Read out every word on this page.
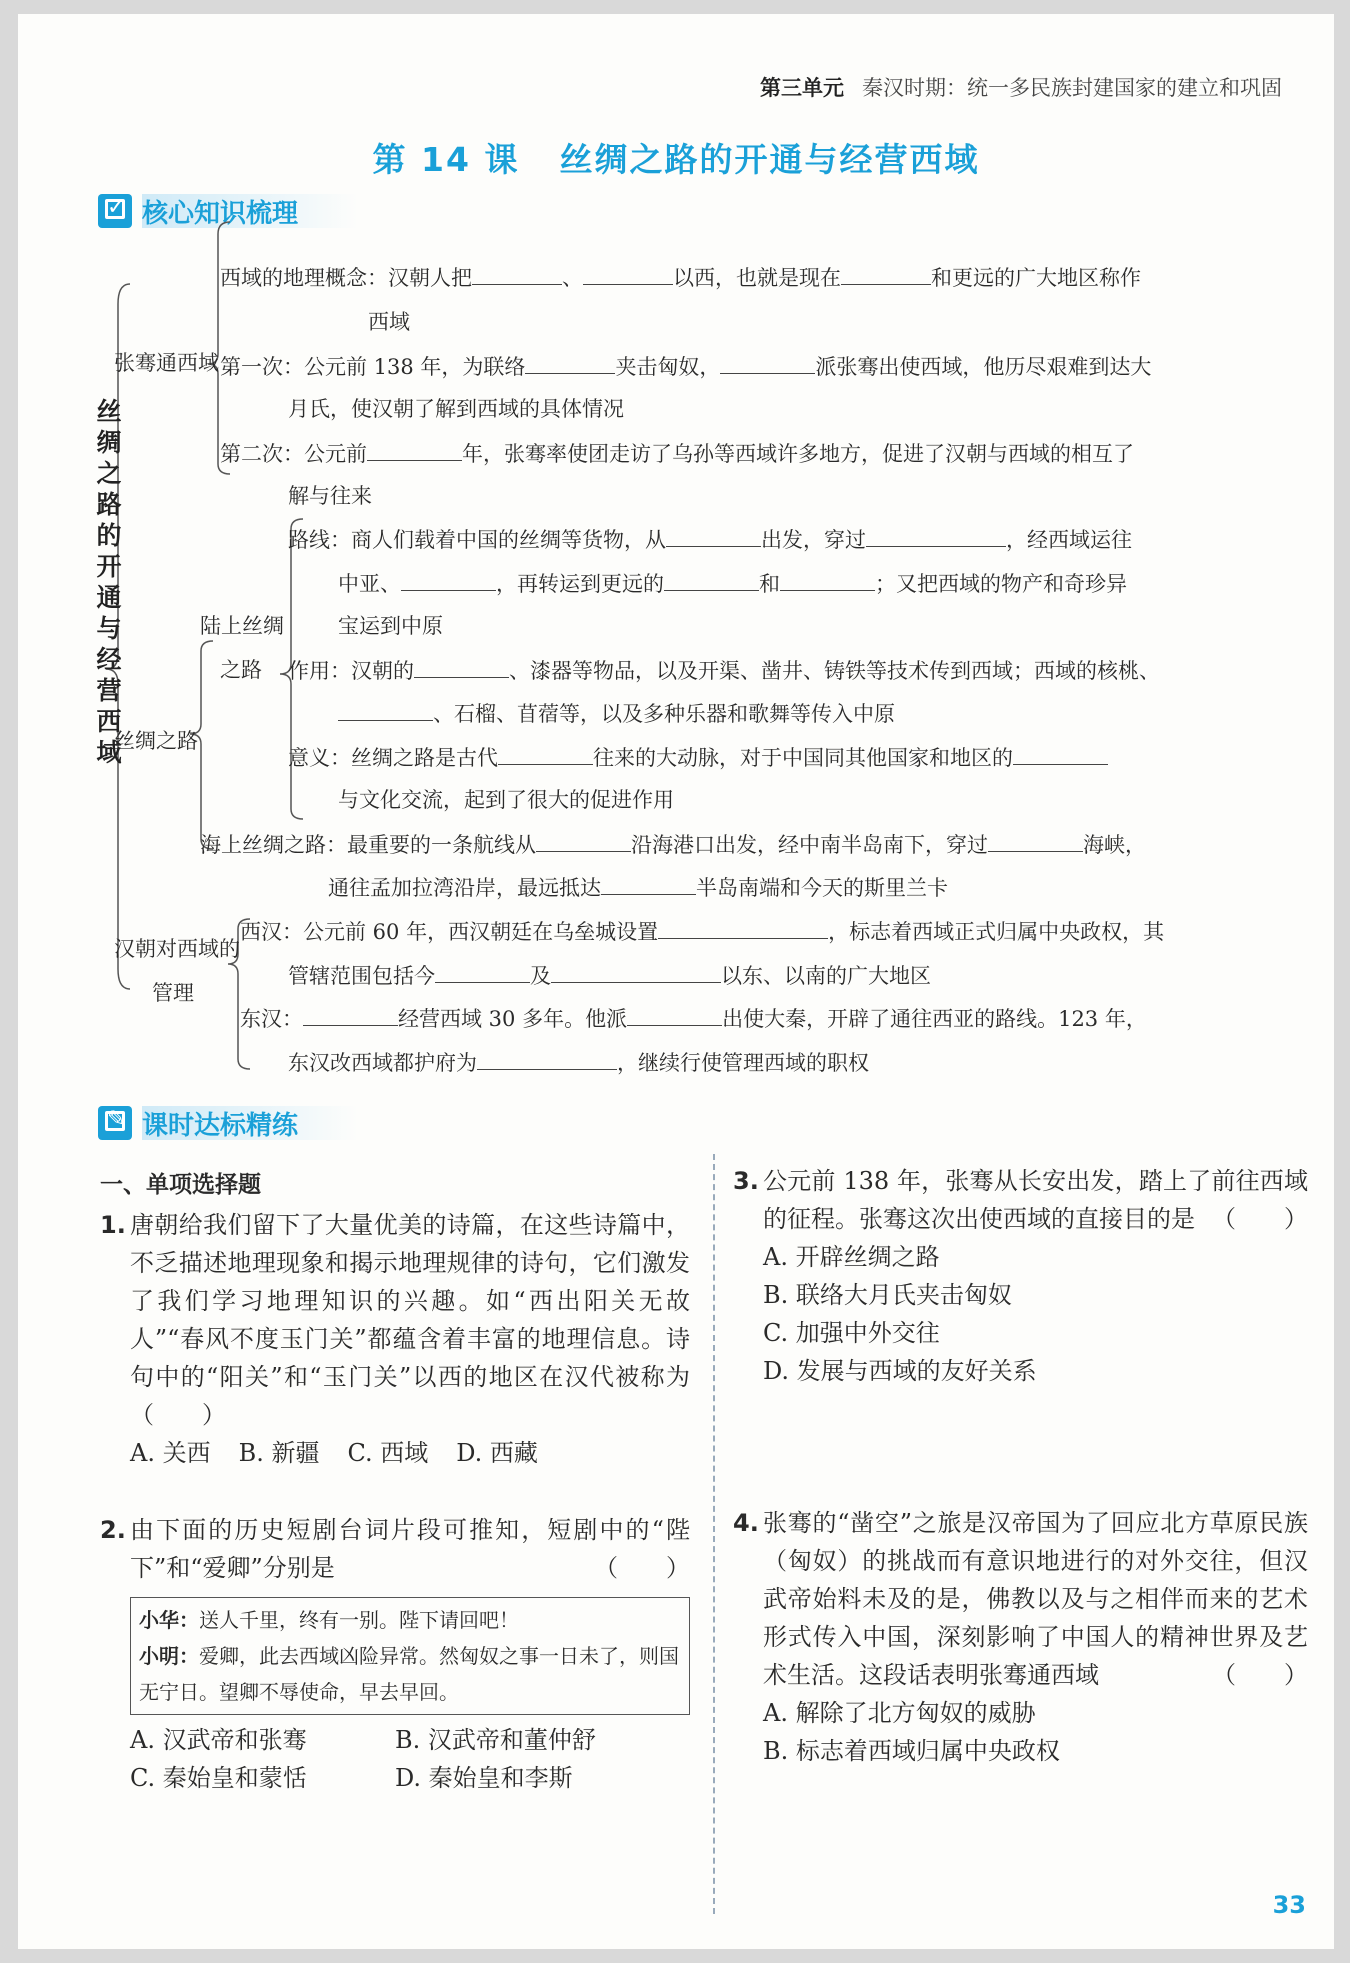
第三单元 秦汉时期：统一多民族封建国家的建立和巩固
第 14 课 丝绸之路的开通与经营西域
✓
核心知识梳理
丝绸之路的开通与经营西域
张骞通西域
西域的地理概念：汉朝人把	、	以西，也就是现在	和更远的广大地区称作
西域
第一次：公元前 138 年，为联络	夹击匈奴，	派张骞出使西域，他历尽艰难到达大
月氏，使汉朝了解到西域的具体情况
第二次：公元前	年，张骞率使团走访了乌孙等西域许多地方，促进了汉朝与西域的相互了
解与往来
丝绸之路
陆上丝绸
之路
路线：商人们载着中国的丝绸等货物，从	出发，穿过	，经西域运往
中亚、	，再转运到更远的	和	；又把西域的物产和奇珍异
宝运到中原
作用：汉朝的	、漆器等物品，以及开渠、凿井、铸铁等技术传到西域；西域的核桃、
、石榴、苜蓿等，以及多种乐器和歌舞等传入中原
意义：丝绸之路是古代	往来的大动脉，对于中国同其他国家和地区的
与文化交流，起到了很大的促进作用
海上丝绸之路：最重要的一条航线从	沿海港口出发，经中南半岛南下，穿过	海峡，
通往孟加拉湾沿岸，最远抵达	半岛南端和今天的斯里兰卡
汉朝对西域的
管理
西汉：公元前 60 年，西汉朝廷在乌垒城设置	，标志着西域正式归属中央政权，其
管辖范围包括今	及	以东、以南的广大地区
东汉：	经营西域 30 多年。他派	出使大秦，开辟了通往西亚的路线。123 年，
东汉改西域都护府为	，继续行使管理西域的职权
✎
课时达标精练
一、单项选择题
1. 唐朝给我们留下了大量优美的诗篇，在这些诗篇中，不乏描述地理现象和揭示地理规律的诗句，它们激发了我们学习地理知识的兴趣。如“西出阳关无故人”“春风不度玉门关”都蕴含着丰富的地理信息。诗句中的“阳关”和“玉门关”以西的地区在汉代被称为（　　）
A. 关西 B. 新疆 C. 西域 D. 西藏
2. 由下面的历史短剧台词片段可推知，短剧中的“陛下”和“爱卿”分别是	（　　）
小华：送人千里，终有一别。陛下请回吧！
小明：爱卿，此去西域凶险异常。然匈奴之事一日未了，则国无宁日。望卿不辱使命，早去早回。
A. 汉武帝和张骞	B. 汉武帝和董仲舒
C. 秦始皇和蒙恬	D. 秦始皇和李斯
3. 公元前 138 年，张骞从长安出发，踏上了前往西域的征程。张骞这次出使西域的直接目的是 （　　）
A. 开辟丝绸之路
B. 联络大月氏夹击匈奴
C. 加强中外交往
D. 发展与西域的友好关系
4. 张骞的“凿空”之旅是汉帝国为了回应北方草原民族（匈奴）的挑战而有意识地进行的对外交往，但汉武帝始料未及的是，佛教以及与之相伴而来的艺术形式传入中国，深刻影响了中国人的精神世界及艺术生活。这段话表明张骞通西域	（　　）
A. 解除了北方匈奴的威胁
B. 标志着西域归属中央政权
33
